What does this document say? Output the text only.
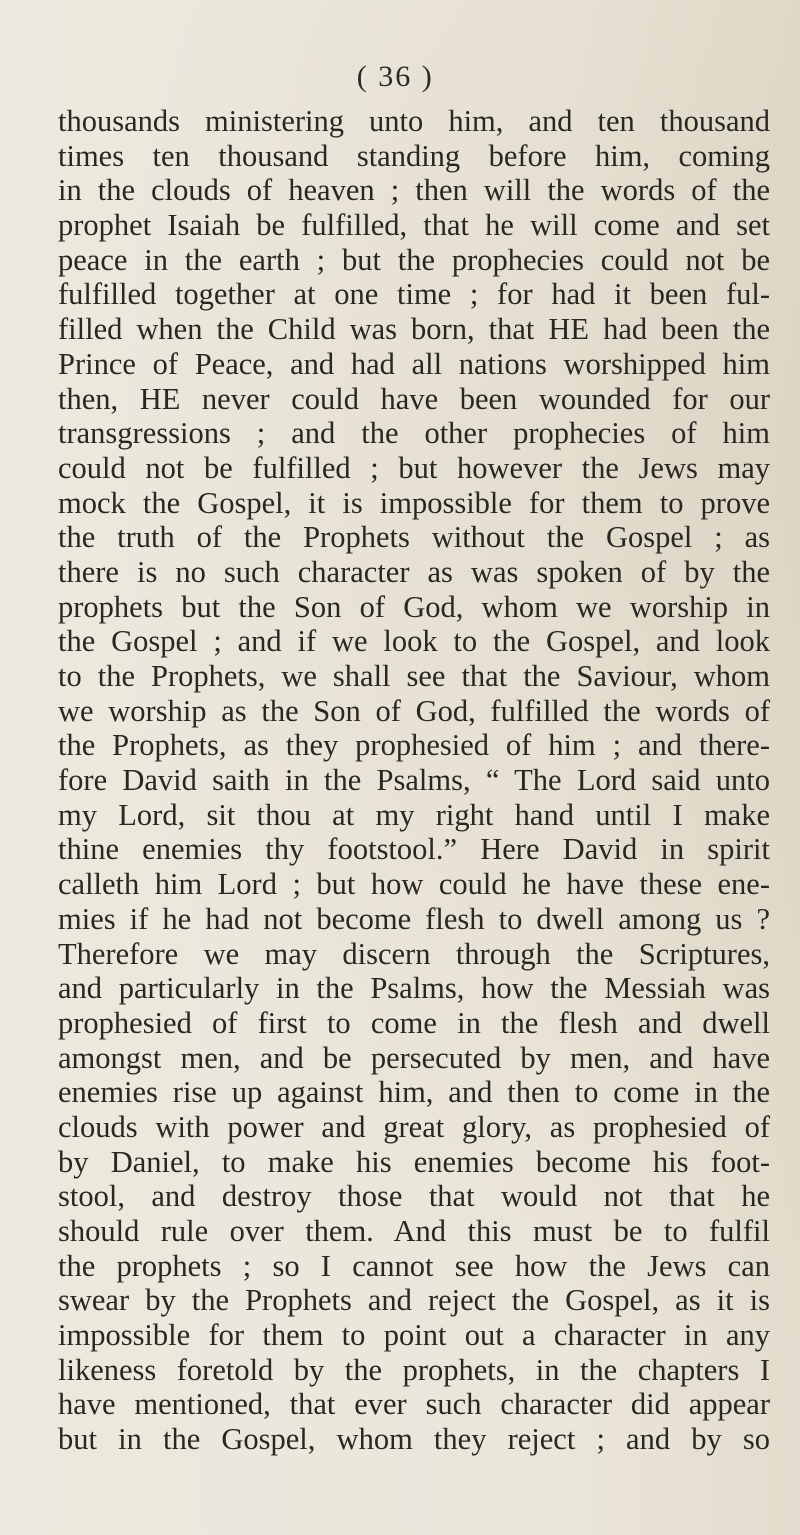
( 36 )
thousands ministering unto him, and ten thousand
times ten thousand standing before him, coming
in the clouds of heaven ; then will the words of the
prophet Isaiah be fulfilled, that he will come and set
peace in the earth ; but the prophecies could not be
fulfilled together at one time ; for had it been ful-
filled when the Child was born, that HE had been the
Prince of Peace, and had all nations worshipped him
then, HE never could have been wounded for our
transgressions ; and the other prophecies of him
could not be fulfilled ; but however the Jews may
mock the Gospel, it is impossible for them to prove
the truth of the Prophets without the Gospel ; as
there is no such character as was spoken of by the
prophets but the Son of God, whom we worship in
the Gospel ; and if we look to the Gospel, and look
to the Prophets, we shall see that the Saviour, whom
we worship as the Son of God, fulfilled the words of
the Prophets, as they prophesied of him ; and there-
fore David saith in the Psalms, “ The Lord said unto
my Lord, sit thou at my right hand until I make
thine enemies thy footstool.” Here David in spirit
calleth him Lord ; but how could he have these ene-
mies if he had not become flesh to dwell among us ?
Therefore we may discern through the Scriptures,
and particularly in the Psalms, how the Messiah was
prophesied of first to come in the flesh and dwell
amongst men, and be persecuted by men, and have
enemies rise up against him, and then to come in the
clouds with power and great glory, as prophesied of
by Daniel, to make his enemies become his foot-
stool, and destroy those that would not that he
should rule over them. And this must be to fulfil
the prophets ; so I cannot see how the Jews can
swear by the Prophets and reject the Gospel, as it is
impossible for them to point out a character in any
likeness foretold by the prophets, in the chapters I
have mentioned, that ever such character did appear
but in the Gospel, whom they reject ; and by so
